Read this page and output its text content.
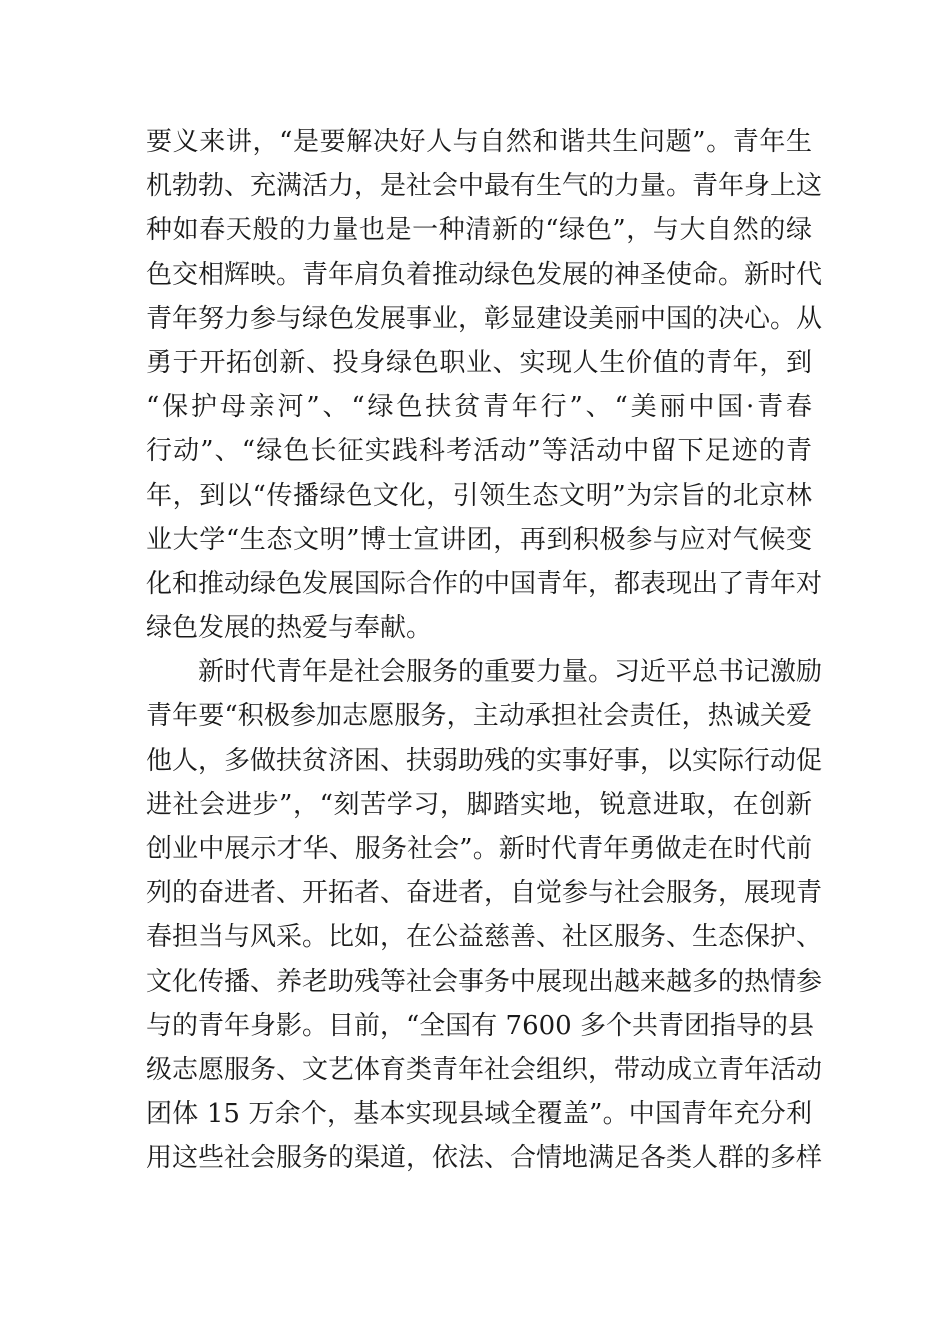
要义来讲，“是要解决好人与自然和谐共生问题”。青年生
机勃勃、充满活力，是社会中最有生气的力量。青年身上这
种如春天般的力量也是一种清新的“绿色”，与大自然的绿
色交相辉映。青年肩负着推动绿色发展的神圣使命。新时代
青年努力参与绿色发展事业，彰显建设美丽中国的决心。从
勇于开拓创新、投身绿色职业、实现人生价值的青年，到
“保护母亲河”、“绿色扶贫青年行”、“美丽中国·青春
行动”、“绿色长征实践科考活动”等活动中留下足迹的青
年，到以“传播绿色文化，引领生态文明”为宗旨的北京林
业大学“生态文明”博士宣讲团，再到积极参与应对气候变
化和推动绿色发展国际合作的中国青年，都表现出了青年对
绿色发展的热爱与奉献。
新时代青年是社会服务的重要力量。习近平总书记激励
青年要“积极参加志愿服务，主动承担社会责任，热诚关爱
他人，多做扶贫济困、扶弱助残的实事好事，以实际行动促
进社会进步”，“刻苦学习，脚踏实地，锐意进取，在创新
创业中展示才华、服务社会”。新时代青年勇做走在时代前
列的奋进者、开拓者、奋进者，自觉参与社会服务，展现青
春担当与风采。比如，在公益慈善、社区服务、生态保护、
文化传播、养老助残等社会事务中展现出越来越多的热情参
与的青年身影。目前，“全国有 7600 多个共青团指导的县
级志愿服务、文艺体育类青年社会组织，带动成立青年活动
团体 15 万余个，基本实现县域全覆盖”。中国青年充分利
用这些社会服务的渠道，依法、合情地满足各类人群的多样
